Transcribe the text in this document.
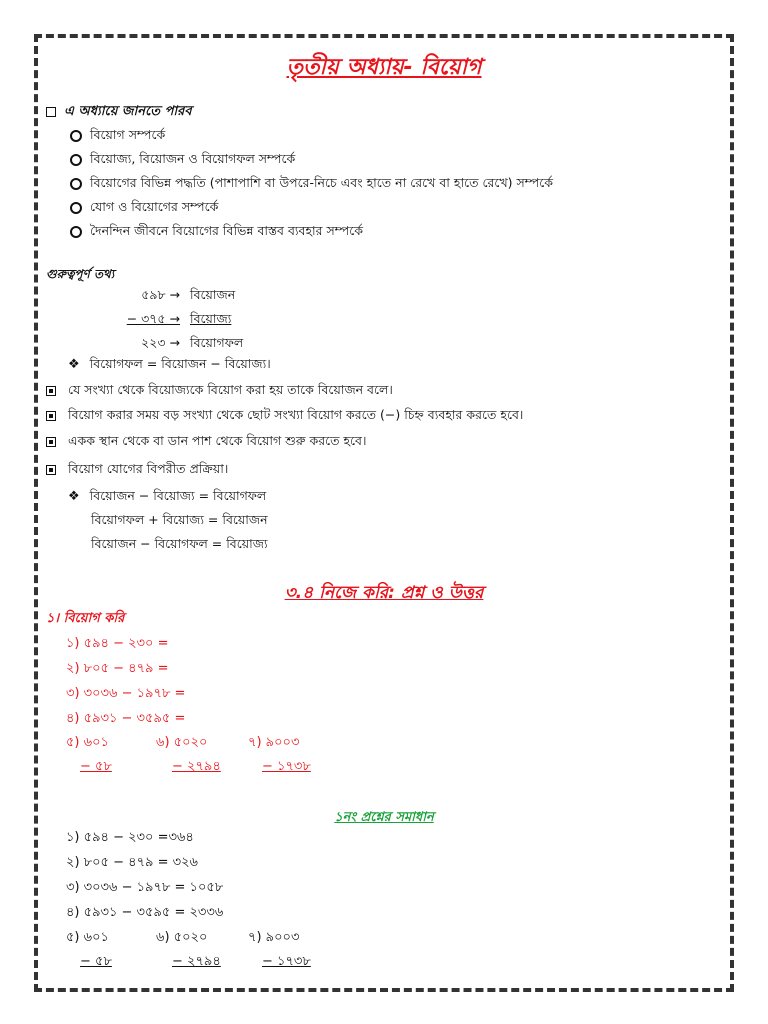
তৃতীয় অধ্যায়- বিয়োগ
এ অধ্যায়ে জানতে পারব
বিয়োগ সম্পর্কে
বিয়োজ্য, বিয়োজন ও বিয়োগফল সম্পর্কে
বিয়োগের বিভিন্ন পদ্ধতি (পাশাপাশি বা উপরে-নিচে এবং হাতে না রেখে বা হাতে রেখে) সম্পর্কে
যোগ ও বিয়োগের সম্পর্কে
দৈনন্দিন জীবনে বিয়োগের বিভিন্ন বাস্তব ব্যবহার সম্পর্কে
গুরুত্বপূর্ণ তথ্য
৫৯৮ → বিয়োজন
− ৩৭৫ → বিয়োজ্য
২২৩ → বিয়োগফল
❖ বিয়োগফল = বিয়োজন − বিয়োজ্য।
যে সংখ্যা থেকে বিয়োজ্যকে বিয়োগ করা হয় তাকে বিয়োজন বলে।
বিয়োগ করার সময় বড় সংখ্যা থেকে ছোট সংখ্যা বিয়োগ করতে (−) চিহ্ন ব্যবহার করতে হবে।
একক স্থান থেকে বা ডান পাশ থেকে বিয়োগ শুরু করতে হবে।
বিয়োগ যোগের বিপরীত প্রক্রিয়া।
❖ বিয়োজন − বিয়োজ্য = বিয়োগফল
বিয়োগফল + বিয়োজ্য = বিয়োজন
বিয়োজন − বিয়োগফল = বিয়োজ্য
৩.৪ নিজে করি: প্রশ্ন ও উত্তর
১। বিয়োগ করি
১) ৫৯৪ − ২৩০ =
২) ৮০৫ − ৪৭৯ =
৩) ৩০৩৬ − ১৯৭৮ =
৪) ৫৯৩১ − ৩৫৯৫ =
৫) ৬০১	৬) ৫০২০	৭) ৯০০৩
− ৫৮	− ২৭৯৪	− ১৭৩৮
১নং প্রশ্নের সমাধান
১) ৫৯৪ − ২৩০ =৩৬৪
২) ৮০৫ − ৪৭৯ = ৩২৬
৩) ৩০৩৬ − ১৯৭৮ = ১০৫৮
৪) ৫৯৩১ − ৩৫৯৫ = ২৩৩৬
৫) ৬০১	৬) ৫০২০	৭) ৯০০৩
− ৫৮	− ২৭৯৪	− ১৭৩৮
